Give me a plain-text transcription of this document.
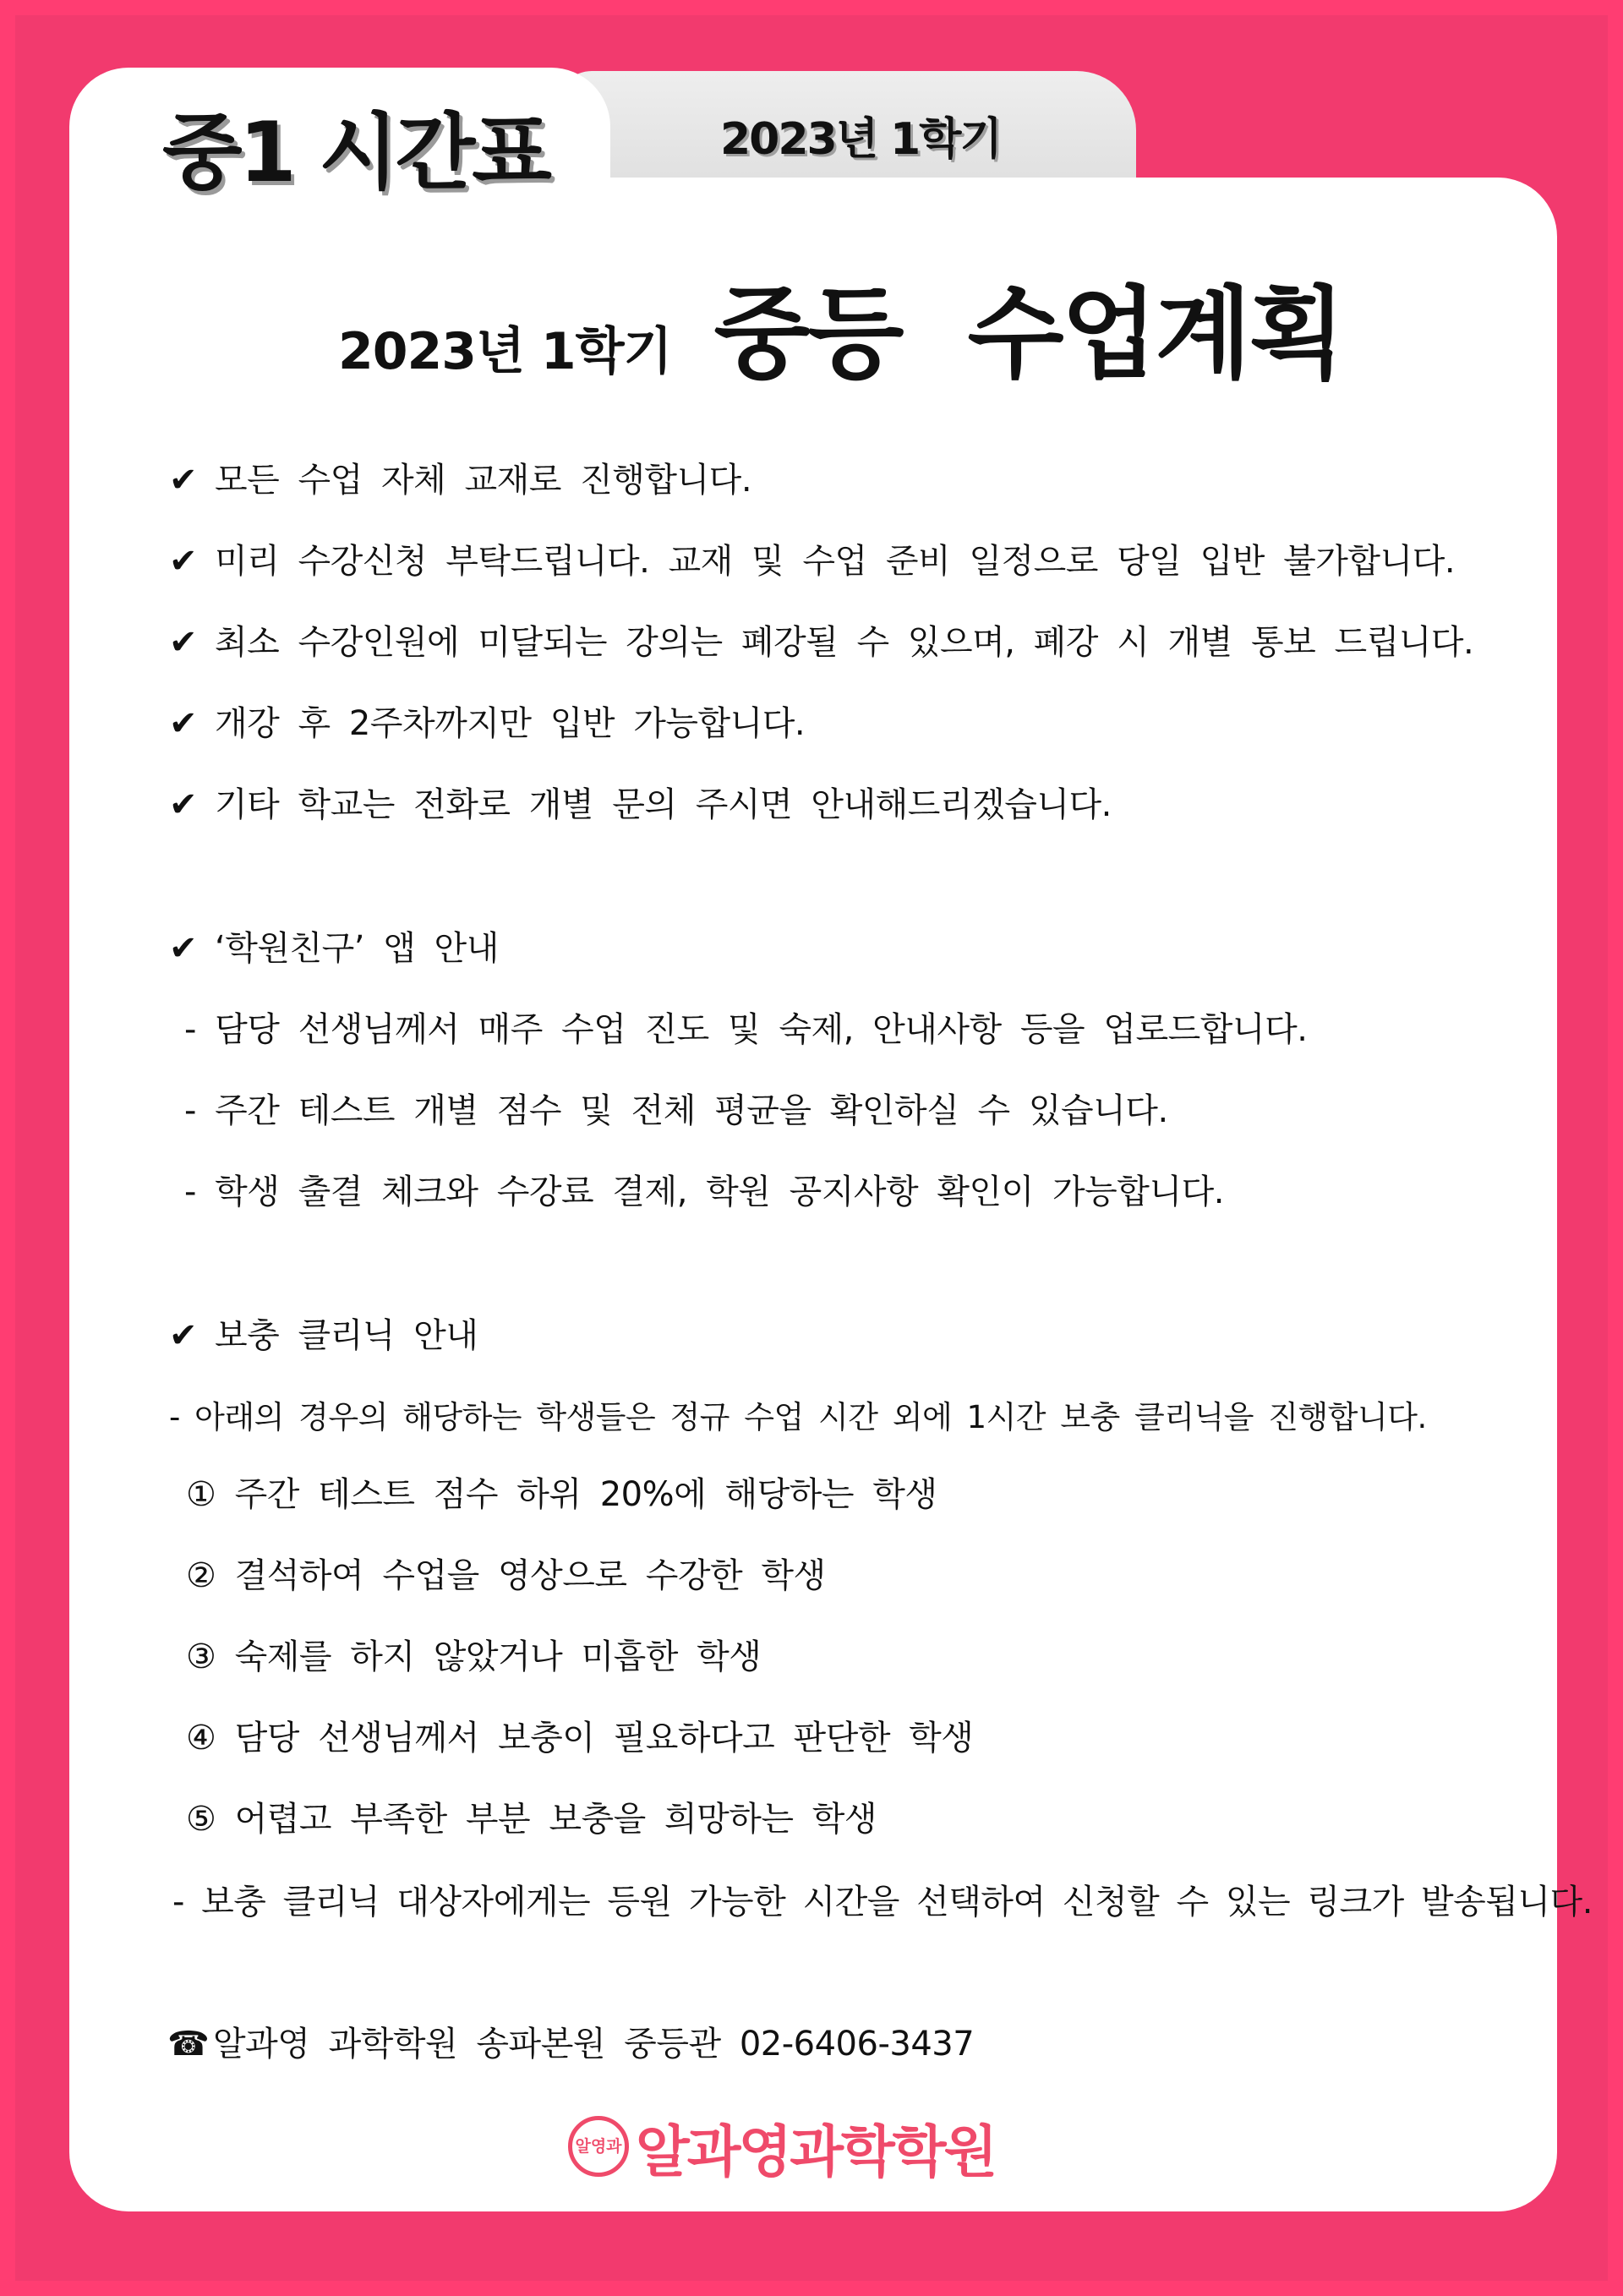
중1 시간표	2023년 1학기
2023년 1학기 중등 수업계획
✔ 모든 수업 자체 교재로 진행합니다.
✔ 미리 수강신청 부탁드립니다. 교재 및 수업 준비 일정으로 당일 입반 불가합니다.
✔ 최소 수강인원에 미달되는 강의는 폐강될 수 있으며, 폐강 시 개별 통보 드립니다.
✔ 개강 후 2주차까지만 입반 가능합니다.
✔ 기타 학교는 전화로 개별 문의 주시면 안내해드리겠습니다.
✔ ‘학원친구’ 앱 안내
- 담당 선생님께서 매주 수업 진도 및 숙제, 안내사항 등을 업로드합니다.
- 주간 테스트 개별 점수 및 전체 평균을 확인하실 수 있습니다.
- 학생 출결 체크와 수강료 결제, 학원 공지사항 확인이 가능합니다.
✔ 보충 클리닉 안내
- 아래의 경우의 해당하는 학생들은 정규 수업 시간 외에 1시간 보충 클리닉을 진행합니다.
① 주간 테스트 점수 하위 20%에 해당하는 학생
② 결석하여 수업을 영상으로 수강한 학생
③ 숙제를 하지 않았거나 미흡한 학생
④ 담당 선생님께서 보충이 필요하다고 판단한 학생
⑤ 어렵고 부족한 부분 보충을 희망하는 학생
- 보충 클리닉 대상자에게는 등원 가능한 시간을 선택하여 신청할 수 있는 링크가 발송됩니다.
☎ 알과영 과학학원 송파본원 중등관 02-6406-3437
알영과 알과영과학학원
